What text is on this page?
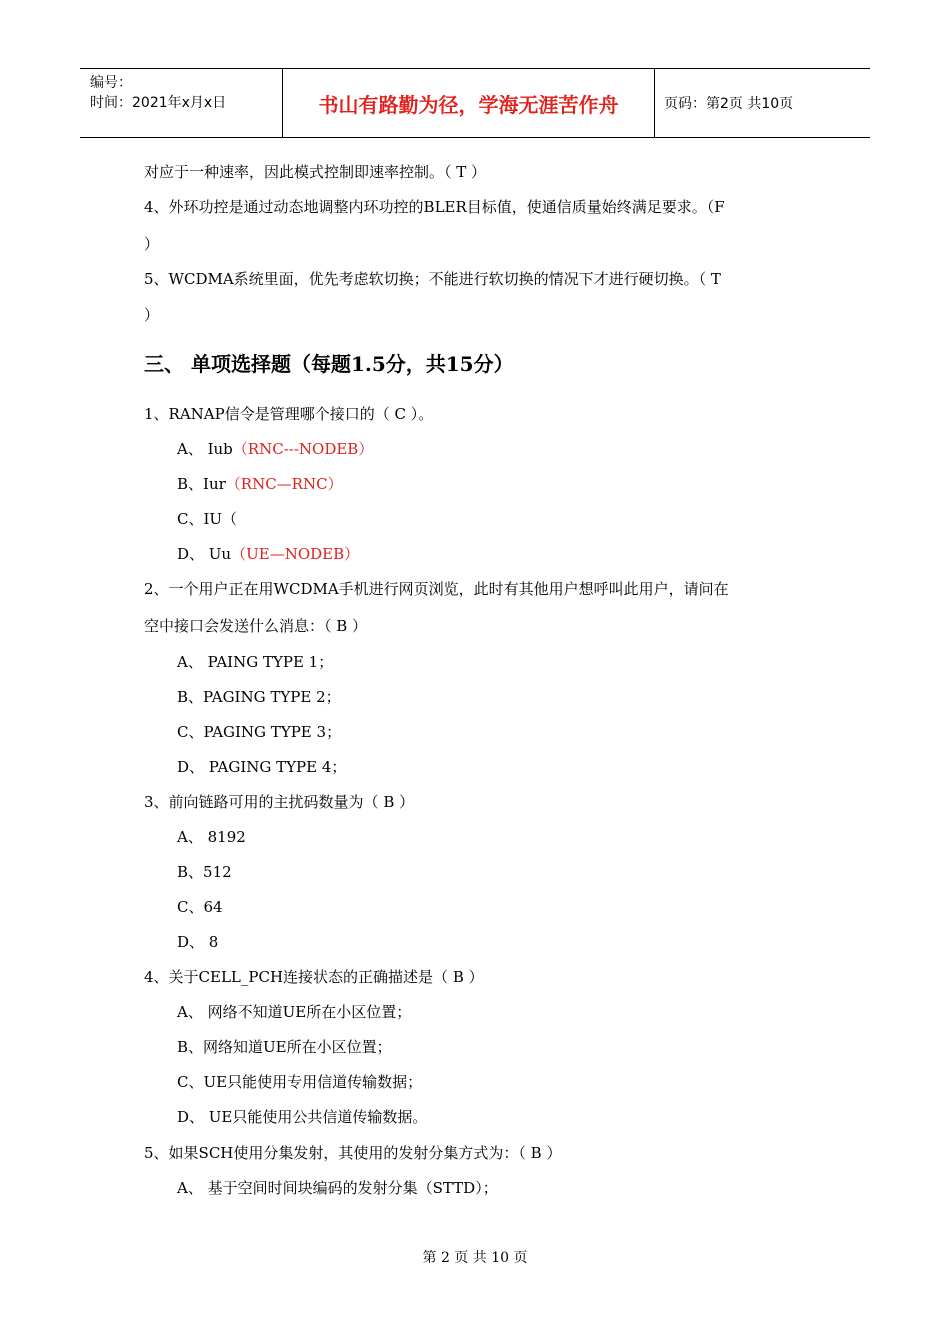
编号：
时间：2021年x月x日	书山有路勤为径，学海无涯苦作舟	页码：第2页 共10页
对应于一种速率，因此模式控制即速率控制。（ T ）
4、外环功控是通过动态地调整内环功控的BLER目标值，使通信质量始终满足要求。（F
）
5、WCDMA系统里面，优先考虑软切换；不能进行软切换的情况下才进行硬切换。（ T
）
三、 单项选择题（每题1.5分，共15分）
1、RANAP信令是管理哪个接口的（ C ）。
A、 Iub（RNC---NODEB）
B、Iur（RNC—RNC）
C、IU（
D、 Uu（UE—NODEB）
2、一个用户正在用WCDMA手机进行网页浏览，此时有其他用户想呼叫此用户，请问在
空中接口会发送什么消息：（ B ）
A、 PAING TYPE 1；
B、PAGING TYPE 2；
C、PAGING TYPE 3；
D、 PAGING TYPE 4；
3、前向链路可用的主扰码数量为（ B ）
A、 8192
B、512
C、64
D、 8
4、关于CELL_PCH连接状态的正确描述是（ B ）
A、 网络不知道UE所在小区位置；
B、网络知道UE所在小区位置；
C、UE只能使用专用信道传输数据；
D、 UE只能使用公共信道传输数据。
5、如果SCH使用分集发射，其使用的发射分集方式为：（ B ）
A、 基于空间时间块编码的发射分集（STTD）；
第 2 页 共 10 页
